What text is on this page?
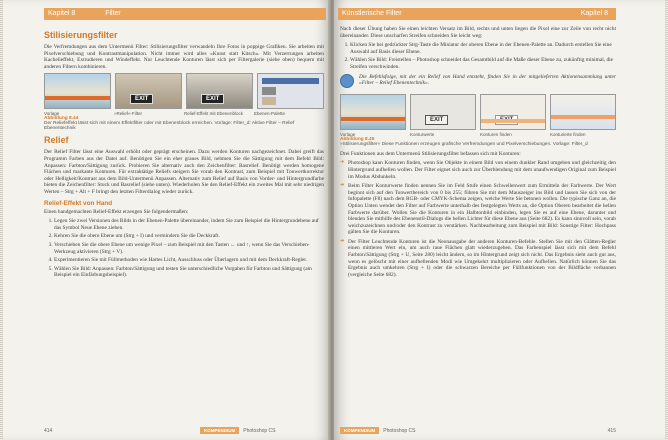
Kapitel 8	Filter
Stilisierungsfilter

Die Verfremdungen aus dem Untermenü Filter: Stilisierungsfilter verwandeln Ihre Fotos in poppige Grafiken. Sie arbeiten mit Pixelverschiebung und Kontrastmanipulation. Nicht immer wird alles »Kunst statt Kitsch«. Mit Verzerrungen arbeiten Kachelieffekt, Extrudieren und Windeffekt. Nur Leuchtende Konturen lässt sich per Filtergalerie (siehe oben) bequem mit anderen Filtern kombinieren.

EXIT	EXIT
Vorlage	»Relief«-Filter	Relief-Effekt mit Ebenenblock	Ebenen-Palette
Abbildung 8.44
Der Reliefeffekt lässt sich mit einem Effektfilter oder mit Ebenenblock erreichen. Vorlage: Filter_d: Aktive Filter – Relief Ebenentechnik
Relief

Der Relief Filter lässt eine Auswahl erhöht oder geprägt erscheinen. Dazu werden Konturen nachgezeichnet. Dabei greift das Programm Farben aus der Datei auf. Benötigen Sie ein eher graues Bild, nehmen Sie die Sättigung mit dem Befehl Bild: Anpassen: Farbton/Sättigung zurück. Probieren Sie alternativ auch den Zeichenfilter: Basrelief. Benötigt werden homogene Flächen und markante Konturen. Für extraktätige Reliefs steigern Sie vorab den Kontrast, zum Beispiel mit Tonwertkorrektur oder Helligkeit/Kontrast aus dem Bild-Untermenü Anpassen. Alternativ zum Relief auf Basis von Vorder- und Hintergrundfarbe bieten die Zeichenfilter: Stuck und Basrelief (siehe unten). Wiederholen Sie den Relief-Effekt ein zweites Mal mit sehr niedrigen Werten – Strg + Alt + F bringt den letzten Filterdialog wieder zurück.

Relief-Effekt von Hand

Einen handgemachten Relief-Effekt erzeugen Sie folgendermaßen:

1. Legen Sie zwei Versionen des Bilds in der Ebenen-Palette übereinander, indem Sie zum Beispiel die Hintergrundebene auf das Symbol Neue Ebene ziehen.
2. Kehren Sie die obere Ebene um (Strg + I) und vermindern Sie die Deckkraft.
3. Verschieben Sie die obere Ebene um wenige Pixel – zum Beispiel mit den Tasten ← und ↑, wenn Sie das Verschieben-Werkzeug aktivieren (Strg + V).
4. Experimentieren Sie mit Füllmethoden wie Hartes Licht, Ausschluss oder Überlagern und mit dem Deckkraft-Regler.
5. Wählen Sie Bild: Anpassen: Farbton/Sättigung und testen Sie unterschiedliche Vorgaben für Farbton und Sättigung (am Beispiel ein Einfärbungsbeispiel).
414	KOMPENDIUM Photoshop CS
Künstlerische Filter	Kapitel 8

Nach dieser Übung haben Sie einen leichten Versatz im Bild, rechts und unten liegen die Pixel eine zur Zeile von recht nicht übereinander. Diese unscharfen Streifen schneiden Sie leicht weg:

1. Klicken Sie bei gedrückter Strg-Taste die Miniatur der oberen Ebene in der Ebenen-Palette an. Dadurch erstellen Sie eine Auswahl auf Basis dieser Ebene.
2. Wählen Sie Bild: Freistellen – Photoshop schneidet das Gesamtbild auf die Maße dieser Ebene zu, zukünftig minimal, die Streifen verschwinden.

Die Befehlsfolge, mit der ein Relief von Hand entsteht, finden Sie in der mitgelieferten Aktionensammlung unter »Filter – Relief Ebenentechnik«.

EXIT
Vorlage	Konturwerte	Konturen finden	Konturierte finden
Abbildung 8.45
»Stilisierungsfilter« Diese Funktionen erzeugen grafische Verfremdungen und Pixelverschiebungen. Vorlage: Filter_d

Drei Funktionen aus dem Untermenü Stilisierungsfilter befassen sich mit Konturen:

➜ Photoshop kann Konturen finden, wenn Sie Objekte in einem Bild von einem dunkler Rand umgeben und gleichzeitig den Hintergrund aufhellen wollen. Der Filter eignet sich auch zur Überblendung mit dem unaufwendigen Original zum Beispiel im Modus Abdunkeln.
➜ Beim Filter Konturwerte finden nennen Sie im Feld Stufe einen Schwellenwert zum Ermitteln der Farbwerte. Der Wert beginnt sich auf den Tonwertbereich von 0 bis 255; führen Sie mit dem Mauszeiger ins Bild und lassen Sie sich von der Infopalette (F8) nach dem RGB- oder CMYK-Schema zeigen, welche Werte Sie betonen wollen. Die typische Ganz an, die Option Unten wendet den Filter auf Farbwerte unterhalb des festgelegten Werts an, die Option Oberen bearbeitet die hellen Farbwerte darüber. Wollen Sie die Konturen in ein Halbtonbild einbinden, legen Sie es auf eine Ebene, darunter und blenden Sie mithilfe des Ebenenstil-Dialogs die hellen Lichter für diese Ebene aus (Seite 682). Es kann sinnvoll sein, vorab weichzuzeichnen und/oder den Kontrast zu verstärken. Nachbearbeitung zum Beispiel mit Bild: Sonstige Filter: Hochpass gälten Sie die Konturen.
➜ Der Filter Leuchtende Konturen ist die Neonausgabe der anderen Konturen-Befehle. Stellen Sie mit den Glätten-Regler einen mittleren Wert ein, um auch raue Flächen glatt wiederzugeben. Das Farbenspiel lässt sich mit dem Befehl Farbton/Sättigung (Strg + U, Seite 280) leicht ändern, so im Hintergrund zeigt sich nicht. Das Ergebnis sieht auch gut aus, wenn es gelöscht mit einer aufhellenden Modi wie Umgekehrt multiplizieren oder Aufhellen. Natürlich können Sie das Ergebnis auch umkehren (Strg + I) oder die schwarzen Bereiche per Füllfunktionen von der Bildfläche verbannen (vergleiche Seite 682).
KOMPENDIUM Photoshop CS	415
